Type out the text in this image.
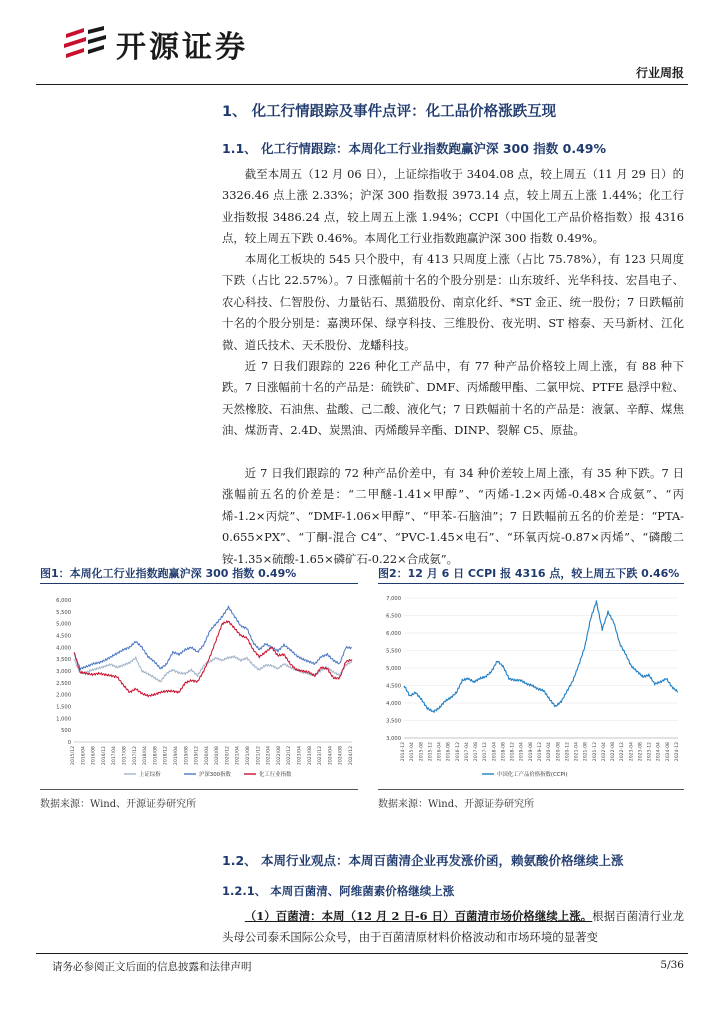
开源证券
行业周报
1、 化工行情跟踪及事件点评：化工品价格涨跌互现
1.1、 化工行情跟踪：本周化工行业指数跑赢沪深 300 指数 0.49%

截至本周五（12 月 06 日），上证综指收于 3404.08 点，较上周五（11 月 29 日）的 3326.46 点上涨 2.33%；沪深 300 指数报 3973.14 点，较上周五上涨 1.44%；化工行业指数报 3486.24 点，较上周五上涨 1.94%；CCPI（中国化工产品价格指数）报 4316 点，较上周五下跌 0.46%。本周化工行业指数跑赢沪深 300 指数 0.49%。

本周化工板块的 545 只个股中，有 413 只周度上涨（占比 75.78%），有 123 只周度下跌（占比 22.57%）。7 日涨幅前十名的个股分别是：山东玻纤、光华科技、宏昌电子、农心科技、仁智股份、力量钻石、黑猫股份、南京化纤、*ST 金正、统一股份；7 日跌幅前十名的个股分别是：嘉澳环保、绿亨科技、三维股份、夜光明、ST 榕泰、天马新材、江化微、道氏技术、天禾股份、龙蟠科技。

近 7 日我们跟踪的 226 种化工产品中，有 77 种产品价格较上周上涨，有 88 种下跌。7 日涨幅前十名的产品是：硫铁矿、DMF、丙烯酸甲酯、二氯甲烷、PTFE 悬浮中粒、天然橡胶、石油焦、盐酸、己二酸、液化气；7 日跌幅前十名的产品是：液氯、辛醇、煤焦油、煤沥青、2.4D、炭黑油、丙烯酸异辛酯、DINP、裂解 C5、原盐。

近 7 日我们跟踪的 72 种产品价差中，有 34 种价差较上周上涨，有 35 种下跌。7 日涨幅前五名的价差是：“二甲醚-1.41×甲醇”、“丙烯-1.2×丙烯-0.48×合成氨”、“丙烯-1.2×丙烷”、“DMF-1.06×甲醇”、“甲苯-石脑油”；7 日跌幅前五名的价差是：“PTA-0.655×PX”、“丁酮-混合 C4”、“PVC-1.45×电石”、“环氧丙烷-0.87×丙烯”、“磷酸二铵-1.35×硫酸-1.65×磷矿石-0.22×合成氨”。

图1：本周化工行业指数跑赢沪深 300 指数 0.49%	图2：12 月 6 日 CCPI 报 4316 点，较上周五下跌 0.46%
0
500
1,000
1,500
2,000
2,500
3,000
3,500
4,000
4,500
5,000
5,500
6,000
2015/12 2016/04 2016/08 2016/12 2017/04 2017/08 2017/12 2018/04 2018/08 2018/12 2019/04 2019/08 2019/12 2020/04 2020/08 2020/12 2021/04 2021/08 2021/12 2022/04 2022/08 2022/12 2023/04 2023/08 2023/12 2024/04 2024/08 2024/12
上证综指	沪深300指数	化工行业指数
3,000
3,500
4,000
4,500
5,000
5,500
6,000
6,500
7,000
2014-12 2015-04 2015-08 2015-12 2016-04 2016-08 2016-12 2017-04 2017-08 2017-12 2018-04 2018-08 2018-12 2019-04 2019-08 2019-12 2020-04 2020-08 2020-12 2021-04 2021-08 2021-12 2022-04 2022-08 2022-12 2023-04 2023-08 2023-12 2024-04 2024-08 2024-12
中国化工产品价格指数(CCPI)
数据来源：Wind、开源证券研究所	数据来源：Wind、开源证券研究所
1.2、 本周行业观点：本周百菌清企业再发涨价函，赖氨酸价格继续上涨
1.2.1、 本周百菌清、阿维菌素价格继续上涨

（1）百菌清：本周（12 月 2 日-6 日）百菌清市场价格继续上涨。根据百菌清行业龙头母公司泰禾国际公众号，由于百菌清原材料价格波动和市场环境的显著变

请务必参阅正文后面的信息披露和法律声明	5/36
